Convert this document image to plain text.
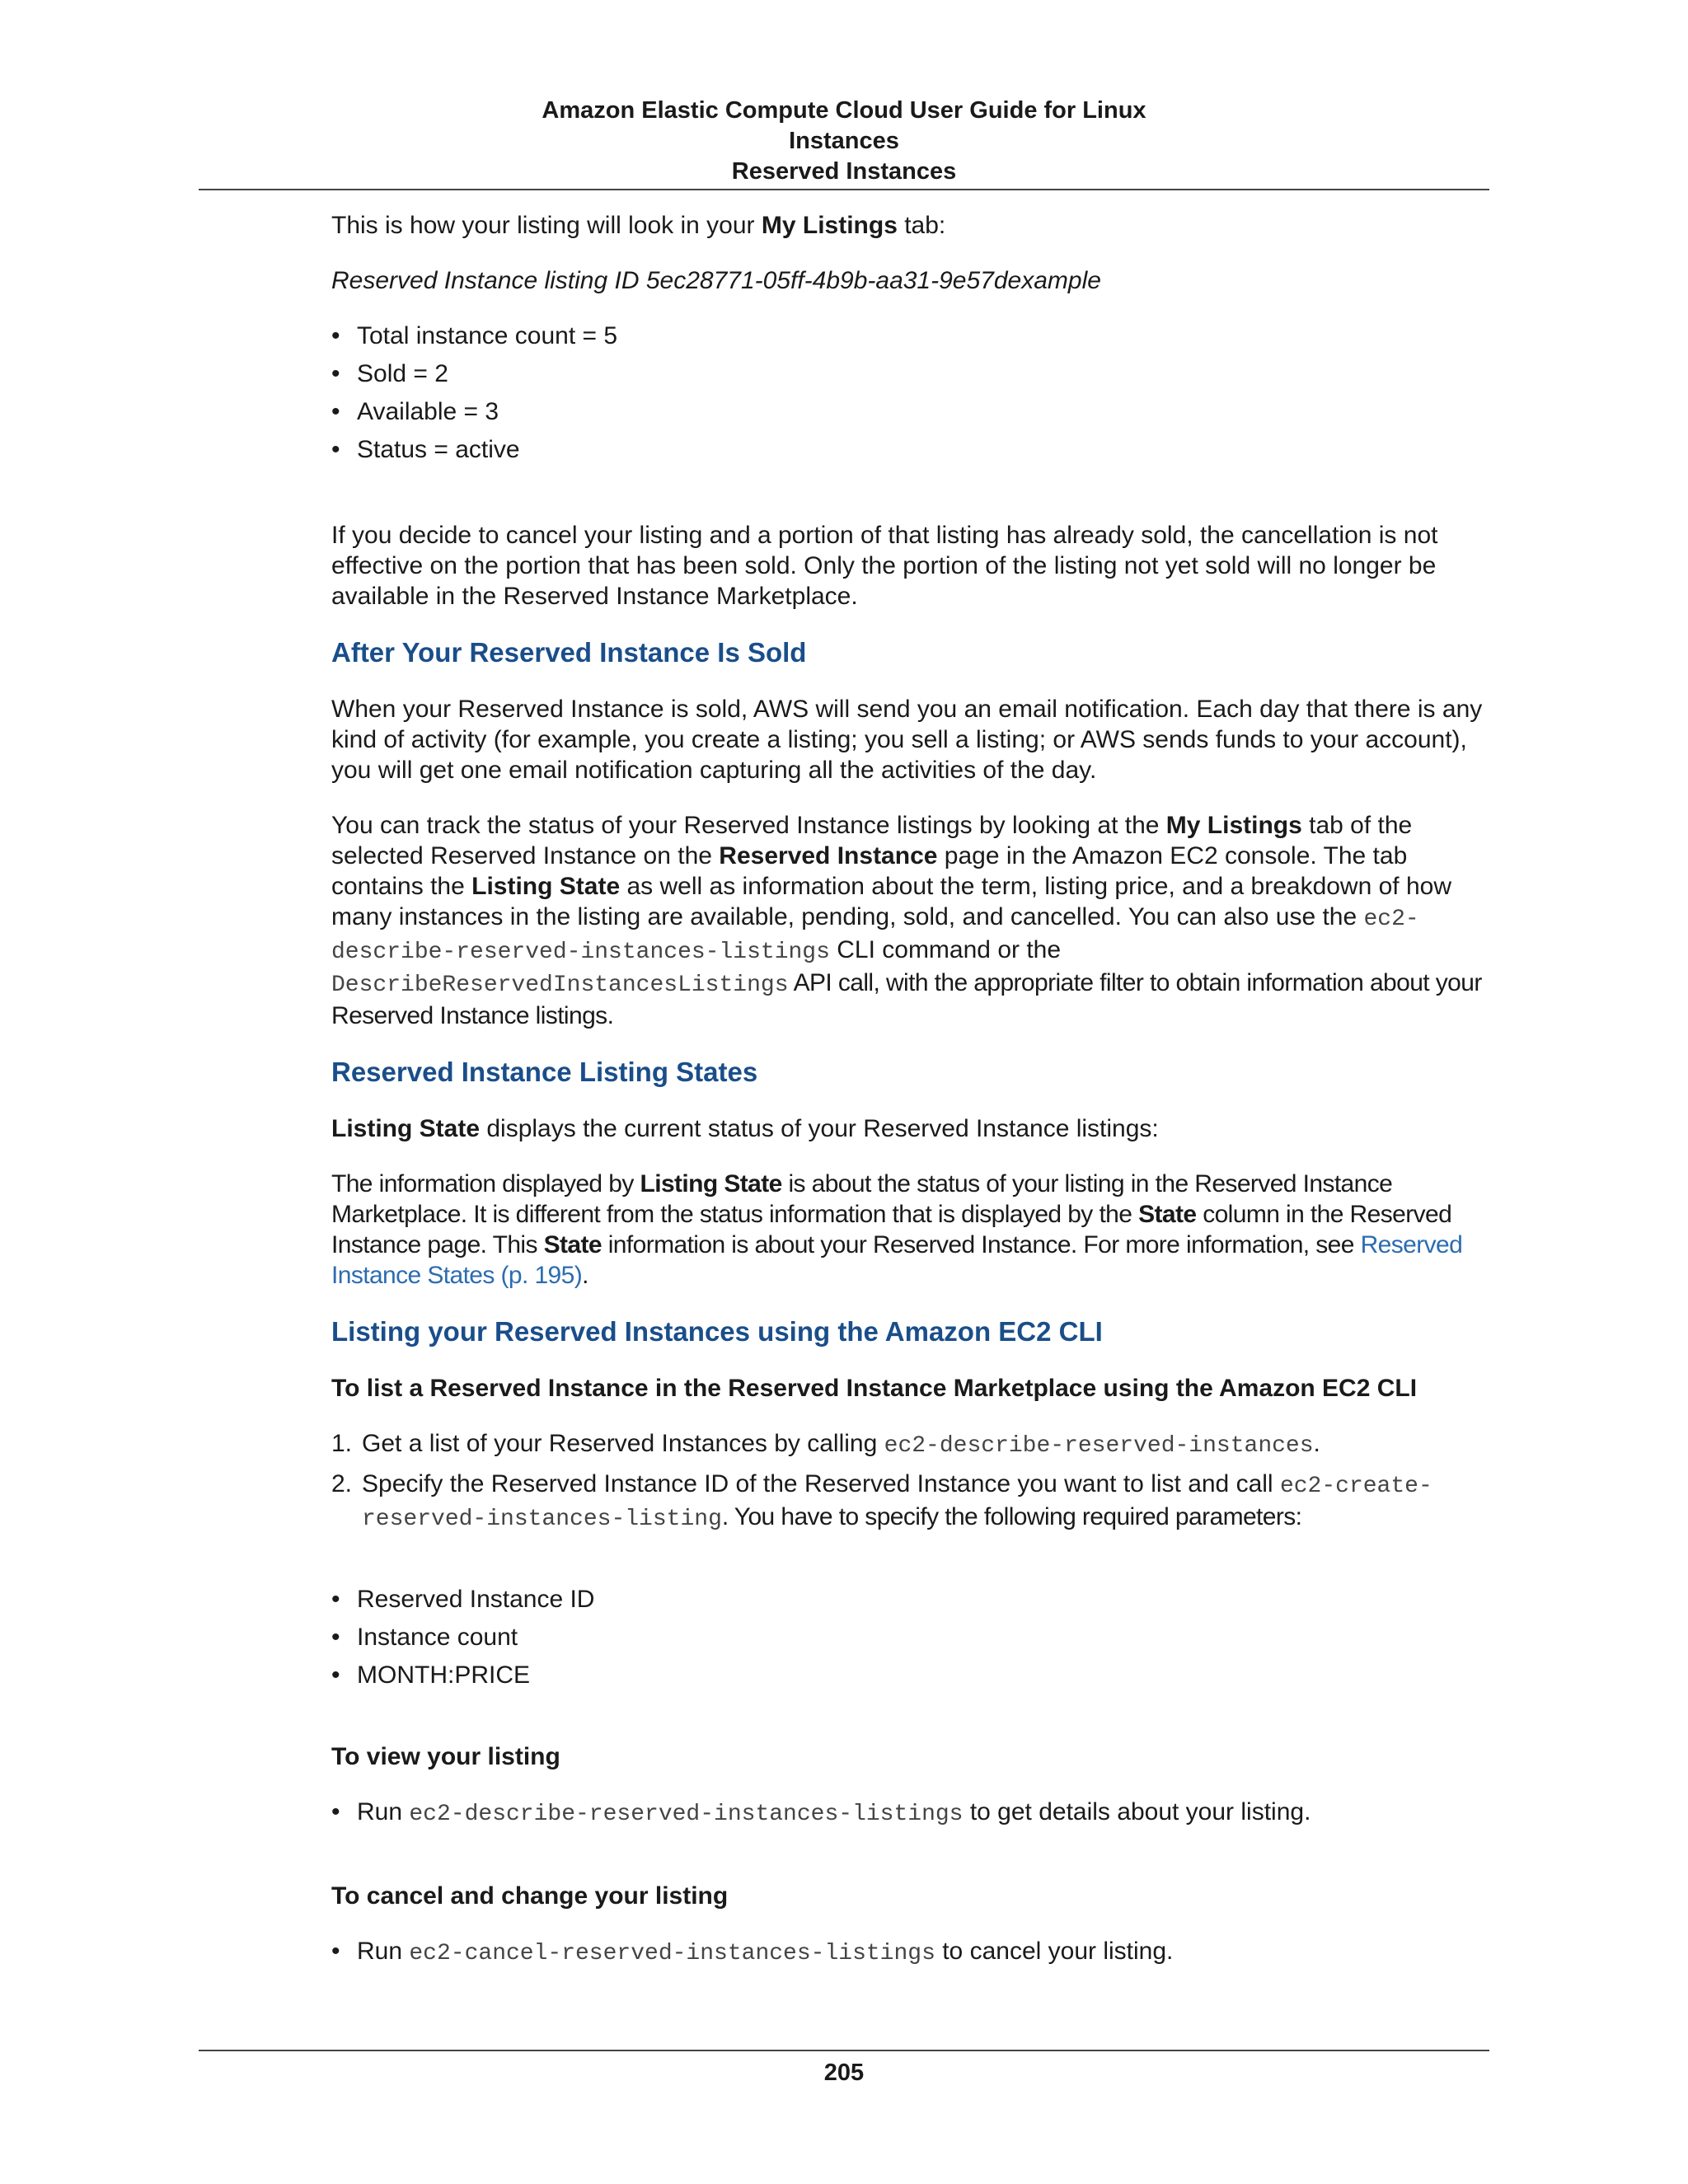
Amazon Elastic Compute Cloud User Guide for Linux
Instances
Reserved Instances

This is how your listing will look in your My Listings tab:

Reserved Instance listing ID 5ec28771-05ff-4b9b-aa31-9e57dexample

• Total instance count = 5
• Sold = 2
• Available = 3
• Status = active

If you decide to cancel your listing and a portion of that listing has already sold, the cancellation is not effective on the portion that has been sold. Only the portion of the listing not yet sold will no longer be available in the Reserved Instance Marketplace.

After Your Reserved Instance Is Sold

When your Reserved Instance is sold, AWS will send you an email notification. Each day that there is any kind of activity (for example, you create a listing; you sell a listing; or AWS sends funds to your account), you will get one email notification capturing all the activities of the day.

You can track the status of your Reserved Instance listings by looking at the My Listings tab of the selected Reserved Instance on the Reserved Instance page in the Amazon EC2 console. The tab contains the Listing State as well as information about the term, listing price, and a breakdown of how many instances in the listing are available, pending, sold, and cancelled. You can also use the ec2-describe-reserved-instances-listings CLI command or the DescribeReservedInstancesListings API call, with the appropriate filter to obtain information about your Reserved Instance listings.

Reserved Instance Listing States

Listing State displays the current status of your Reserved Instance listings:

The information displayed by Listing State is about the status of your listing in the Reserved Instance Marketplace. It is different from the status information that is displayed by the State column in the Reserved Instance page. This State information is about your Reserved Instance. For more information, see Reserved Instance States (p. 195).

Listing your Reserved Instances using the Amazon EC2 CLI
To list a Reserved Instance in the Reserved Instance Marketplace using the Amazon EC2 CLI
1. Get a list of your Reserved Instances by calling ec2-describe-reserved-instances.
2. Specify the Reserved Instance ID of the Reserved Instance you want to list and call ec2-create-reserved-instances-listing. You have to specify the following required parameters:
• Reserved Instance ID
• Instance count
• MONTH:PRICE
To view your listing
• Run ec2-describe-reserved-instances-listings to get details about your listing.
To cancel and change your listing
• Run ec2-cancel-reserved-instances-listings to cancel your listing.
205
